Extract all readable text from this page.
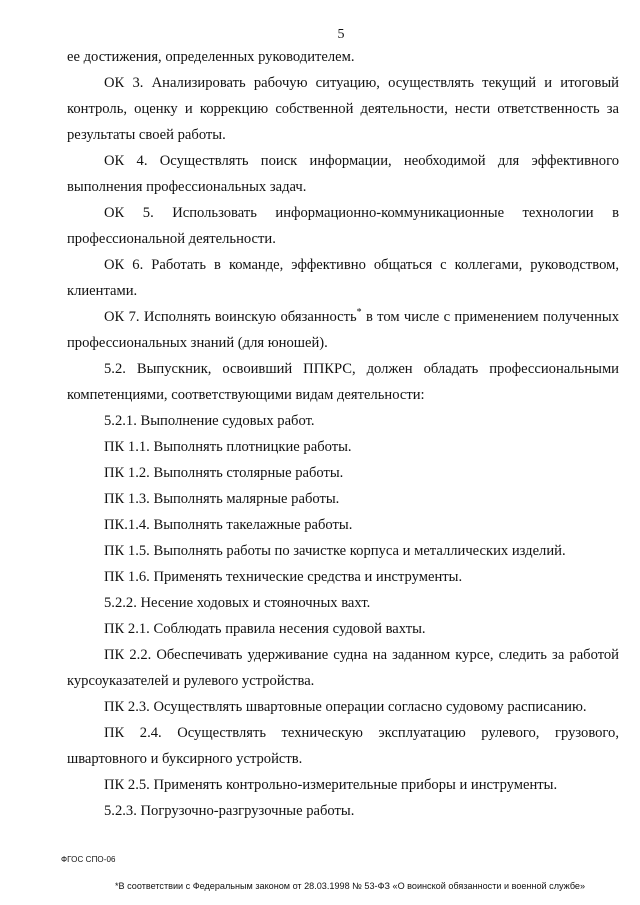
5

ее достижения, определенных руководителем.

ОК 3. Анализировать рабочую ситуацию, осуществлять текущий и итоговый контроль, оценку и коррекцию собственной деятельности, нести ответственность за результаты своей работы.

ОК 4. Осуществлять поиск информации, необходимой для эффективного выполнения профессиональных задач.

ОК 5. Использовать информационно-коммуникационные технологии в профессиональной деятельности.

ОК 6. Работать в команде, эффективно общаться с коллегами, руководством, клиентами.

ОК 7. Исполнять воинскую обязанность* в том числе с применением полученных профессиональных знаний (для юношей).

5.2. Выпускник, освоивший ППКРС, должен обладать профессиональными компетенциями, соответствующими видам деятельности:

5.2.1. Выполнение судовых работ.

ПК 1.1. Выполнять плотницкие работы.

ПК 1.2. Выполнять столярные работы.

ПК 1.3. Выполнять малярные работы.

ПК.1.4. Выполнять такелажные работы.

ПК 1.5. Выполнять работы по зачистке корпуса и металлических изделий.

ПК 1.6. Применять технические средства и инструменты.

5.2.2. Несение ходовых и стояночных вахт.

ПК 2.1. Соблюдать правила несения судовой вахты.

ПК 2.2. Обеспечивать удерживание судна на заданном курсе, следить за работой курсоуказателей и рулевого устройства.

ПК 2.3. Осуществлять швартовные операции согласно судовому расписанию.

ПК 2.4. Осуществлять техническую эксплуатацию рулевого, грузового, швартовного и буксирного устройств.

ПК 2.5. Применять контрольно-измерительные приборы и инструменты.

5.2.3. Погрузочно-разгрузочные работы.

ФГОС СПО-06
*В соответствии с Федеральным законом от 28.03.1998 № 53-ФЗ «О воинской обязанности и военной службе»
